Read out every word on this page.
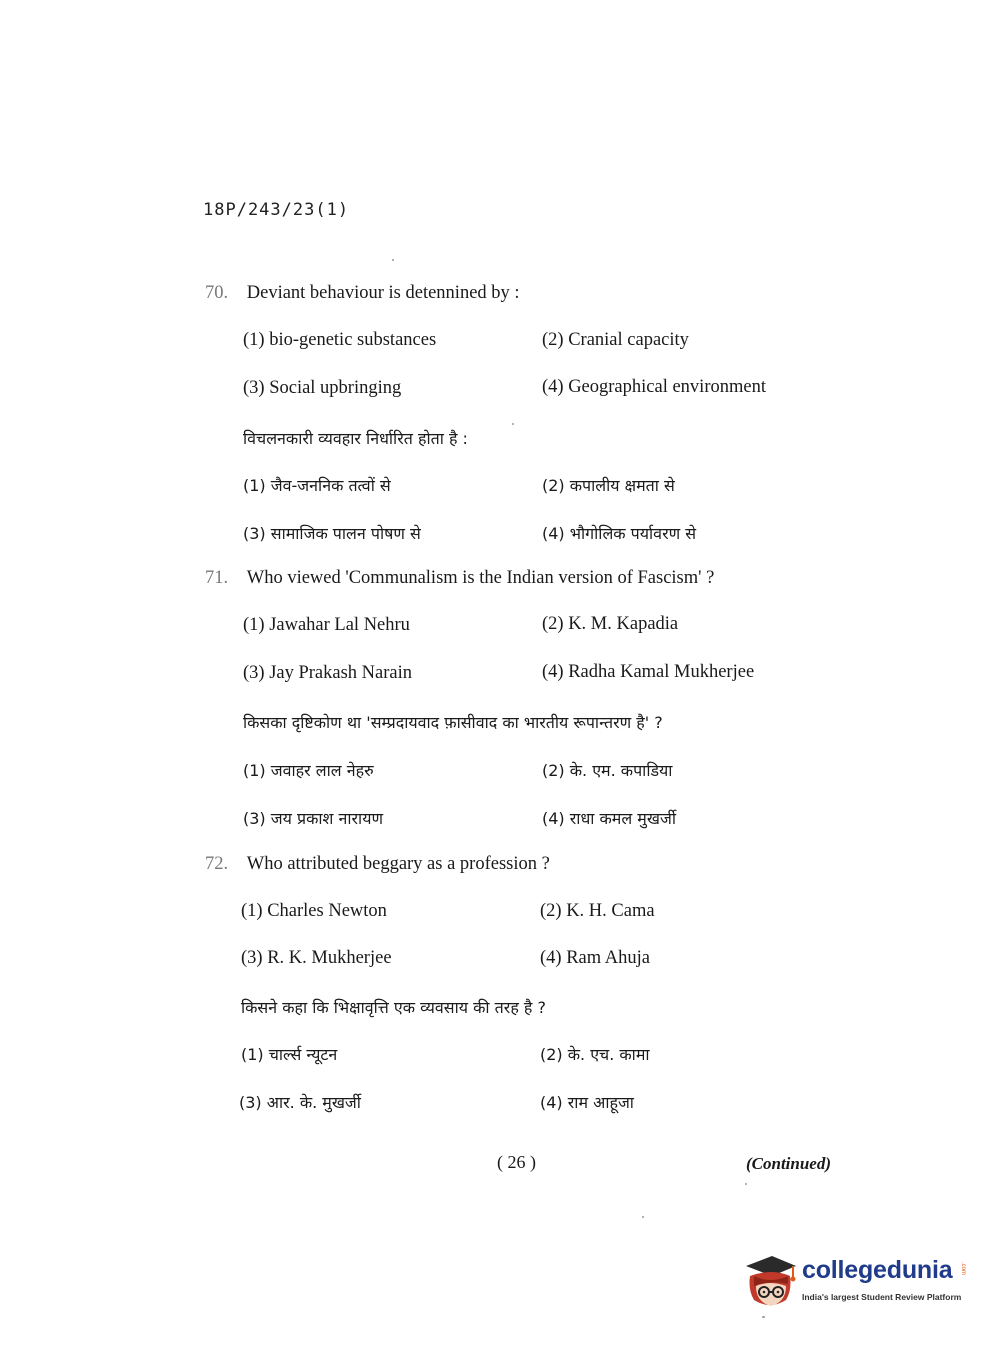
18P/243/23(1)
70. Deviant behaviour is detennined by :
(1) bio-genetic substances	(2) Cranial capacity
(3) Social upbringing	(4) Geographical environment
विचलनकारी व्यवहार निर्धारित होता है :
(1) जैव-जननिक तत्वों से	(2) कपालीय क्षमता से
(3) सामाजिक पालन पोषण से	(4) भौगोलिक पर्यावरण से
71. Who viewed 'Communalism is the Indian version of Fascism' ?
(1) Jawahar Lal Nehru	(2) K. M. Kapadia
(3) Jay Prakash Narain	(4) Radha Kamal Mukherjee
किसका दृष्टिकोण था 'सम्प्रदायवाद फ़ासीवाद का भारतीय रूपान्तरण है' ?
(1) जवाहर लाल नेहरु	(2) के. एम. कपाडिया
(3) जय प्रकाश नारायण	(4) राधा कमल मुखर्जी
72. Who attributed beggary as a profession ?
(1) Charles Newton	(2) K. H. Cama
(3) R. K. Mukherjee	(4) Ram Ahuja
किसने कहा कि भिक्षावृत्ति एक व्यवसाय की तरह है ?
(1) चार्ल्स न्यूटन	(2) के. एच. कामा
(3) आर. के. मुखर्जी	(4) राम आहूजा
( 26 )	(Continued)
collegedunia .com
India's largest Student Review Platform
